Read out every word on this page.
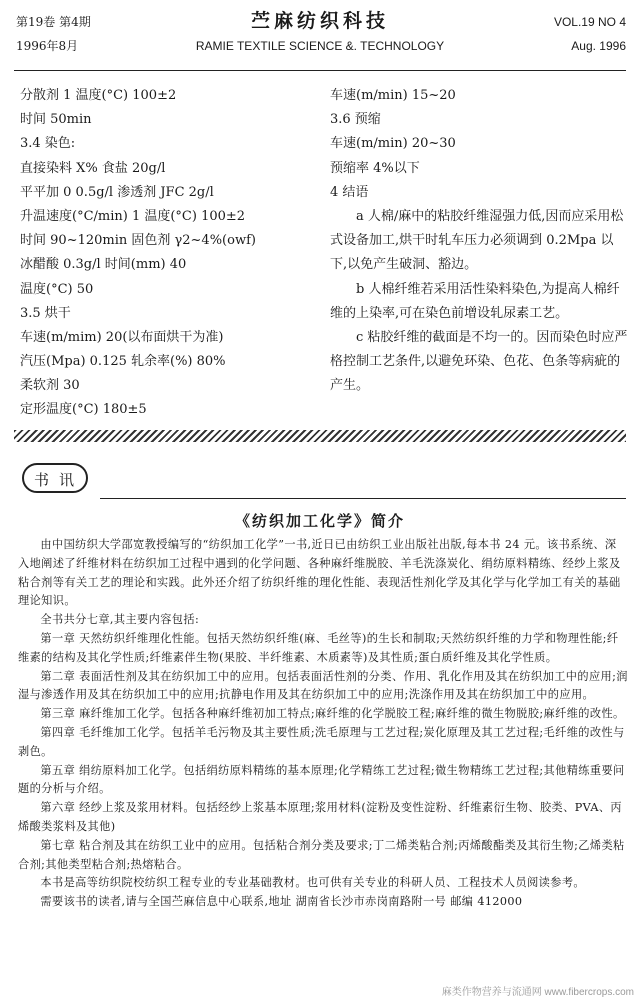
第19卷 第4期
1996年8月
苎麻纺织科技
RAMIE TEXTILE SCIENCE &. TECHNOLOGY
VOL.19 NO 4
Aug. 1996
分散剂 1 温度(°C) 100±2
时间 50min
3.4 染色:
直接染料 X% 食盐 20g/l
平平加 0 0.5g/l 渗透剂 JFC 2g/l
升温速度(°C/min) 1 温度(°C) 100±2
时间 90~120min 固色剂 γ2~4%(owf)
冰醋酸 0.3g/l 时间(mm) 40
温度(°C) 50
3.5 烘干
车速(m/mim) 20(以布面烘干为准)
汽压(Mpa) 0.125 轧余率(%) 80%
柔软剂 30
定形温度(°C) 180±5
车速(m/min) 15~20
3.6 预缩
车速(m/min) 20~30
预缩率 4%以下
4 结语
a 人棉/麻中的粘胶纤维湿强力低,因而应采用松式设备加工,烘干时轧车压力必须调到 0.2Mpa 以下,以免产生破洞、豁边。
b 人棉纤维若采用活性染料染色,为提高人棉纤维的上染率,可在染色前增设轧尿素工艺。
c 粘胶纤维的截面是不均一的。因而染色时应严格控制工艺条件,以避免环染、色花、色条等病疵的产生。
书讯
《纺织加工化学》简介

由中国纺织大学邵宽教授编写的“纺织加工化学”一书,近日已由纺织工业出版社出版,每本书 24 元。该书系统、深入地阐述了纤维材料在纺织加工过程中遇到的化学问题、各种麻纤维脱胶、羊毛洗涤炭化、绢纺原料精练、经纱上浆及粘合剂等有关工艺的理论和实践。此外还介绍了纺织纤维的理化性能、表现活性剂化学及其化学与化学加工有关的基础理论知识。

全书共分七章,其主要内容包括:

第一章 天然纺织纤维理化性能。包括天然纺织纤维(麻、毛丝等)的生长和制取;天然纺织纤维的力学和物理性能;纤维素的结构及其化学性质;纤维素伴生物(果胶、半纤维素、木质素等)及其性质;蛋白质纤维及其化学性质。

第二章 表面活性剂及其在纺织加工中的应用。包括表面活性剂的分类、作用、乳化作用及其在纺织加工中的应用;润湿与渗透作用及其在纺织加工中的应用;抗静电作用及其在纺织加工中的应用;洗涤作用及其在纺织加工中的应用。

第三章 麻纤维加工化学。包括各种麻纤维初加工特点;麻纤维的化学脱胶工程;麻纤维的微生物脱胶;麻纤维的改性。

第四章 毛纤维加工化学。包括羊毛污物及其主要性质;洗毛原理与工艺过程;炭化原理及其工艺过程;毛纤维的改性与剥色。

第五章 绢纺原料加工化学。包括绢纺原料精练的基本原理;化学精练工艺过程;微生物精练工艺过程;其他精练重要问题的分析与介绍。

第六章 经纱上浆及浆用材料。包括经纱上浆基本原理;浆用材料(淀粉及变性淀粉、纤维素衍生物、胶类、PVA、丙烯酸类浆料及其他)

第七章 粘合剂及其在纺织工业中的应用。包括粘合剂分类及要求;丁二烯类粘合剂;丙烯酸酯类及其衍生物;乙烯类粘合剂;其他类型粘合剂;热熔粘合。

本书是高等纺织院校纺织工程专业的专业基础教材。也可供有关专业的科研人员、工程技术人员阅读参考。

需要该书的读者,请与全国苎麻信息中心联系,地址 湖南省长沙市赤岗南路附一号 邮编 412000

麻类作物营养与流通网 www.fibercrops.com
